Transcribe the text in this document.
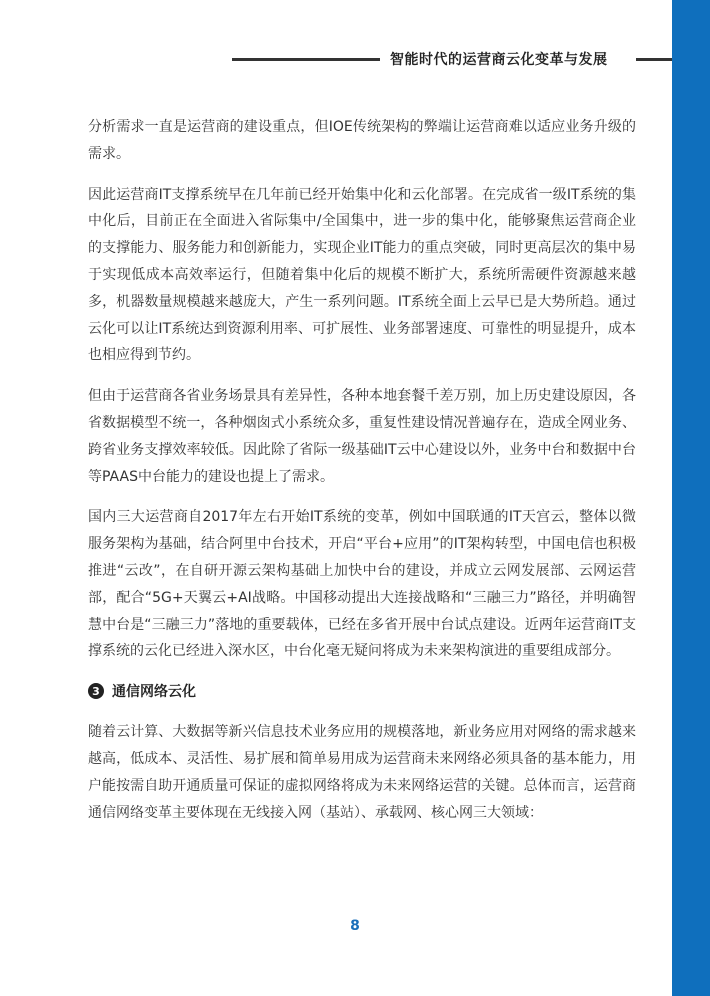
智能时代的运营商云化变革与发展

分析需求一直是运营商的建设重点，但IOE传统架构的弊端让运营商难以适应业务升级的需求。

因此运营商IT支撑系统早在几年前已经开始集中化和云化部署。在完成省一级IT系统的集中化后，目前正在全面进入省际集中/全国集中，进一步的集中化，能够聚焦运营商企业的支撑能力、服务能力和创新能力，实现企业IT能力的重点突破，同时更高层次的集中易于实现低成本高效率运行，但随着集中化后的规模不断扩大，系统所需硬件资源越来越多，机器数量规模越来越庞大，产生一系列问题。IT系统全面上云早已是大势所趋。通过云化可以让IT系统达到资源利用率、可扩展性、业务部署速度、可靠性的明显提升，成本也相应得到节约。

但由于运营商各省业务场景具有差异性，各种本地套餐千差万别，加上历史建设原因，各省数据模型不统一，各种烟囱式小系统众多，重复性建设情况普遍存在，造成全网业务、跨省业务支撑效率较低。因此除了省际一级基础IT云中心建设以外，业务中台和数据中台等PAAS中台能力的建设也提上了需求。

国内三大运营商自2017年左右开始IT系统的变革，例如中国联通的IT天宫云，整体以微服务架构为基础，结合阿里中台技术，开启“平台+应用”的IT架构转型，中国电信也积极推进“云改”，在自研开源云架构基础上加快中台的建设，并成立云网发展部、云网运营部，配合“5G+天翼云+AI战略。中国移动提出大连接战略和“三融三力”路径，并明确智慧中台是“三融三力”落地的重要载体，已经在多省开展中台试点建设。近两年运营商IT支撑系统的云化已经进入深水区，中台化毫无疑问将成为未来架构演进的重要组成部分。

3 通信网络云化

随着云计算、大数据等新兴信息技术业务应用的规模落地，新业务应用对网络的需求越来越高，低成本、灵活性、易扩展和简单易用成为运营商未来网络必须具备的基本能力，用户能按需自助开通质量可保证的虚拟网络将成为未来网络运营的关键。总体而言，运营商通信网络变革主要体现在无线接入网（基站）、承载网、核心网三大领域：

8
